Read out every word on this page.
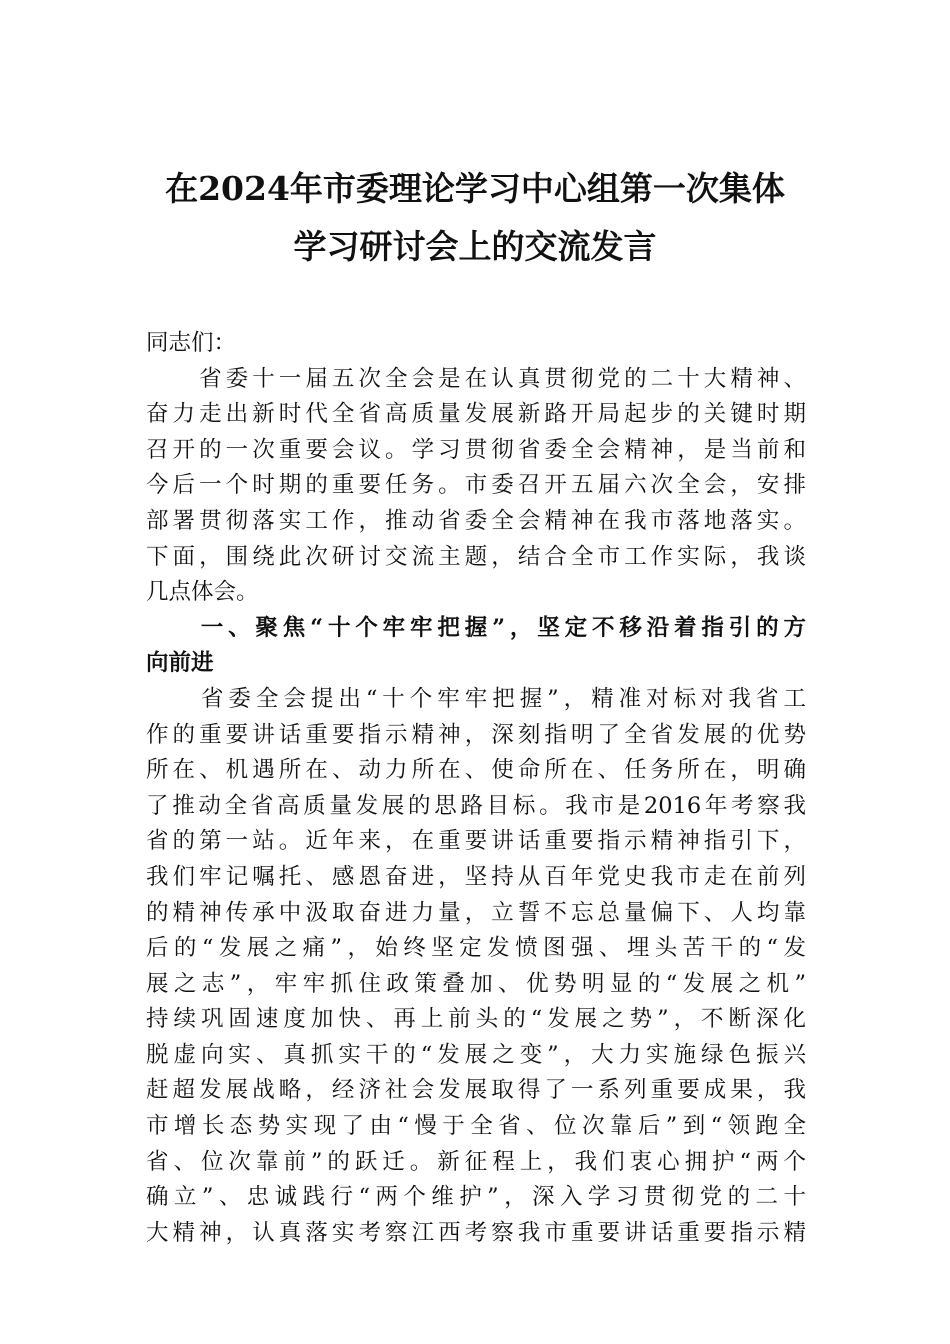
在2024年市委理论学习中心组第一次集体
学习研讨会上的交流发言
同志们：
　　省委十一届五次全会是在认真贯彻党的二十大精神、
奋力走出新时代全省高质量发展新路开局起步的关键时期
召开的一次重要会议。学习贯彻省委全会精神，是当前和
今后一个时期的重要任务。市委召开五届六次全会，安排
部署贯彻落实工作，推动省委全会精神在我市落地落实。
下面，围绕此次研讨交流主题，结合全市工作实际，我谈
几点体会。
　　一、聚焦“十个牢牢把握”，坚定不移沿着指引的方
向前进
　　省委全会提出“十个牢牢把握”，精准对标对我省工
作的重要讲话重要指示精神，深刻指明了全省发展的优势
所在、机遇所在、动力所在、使命所在、任务所在，明确
了推动全省高质量发展的思路目标。我市是2016年考察我
省的第一站。近年来，在重要讲话重要指示精神指引下，
我们牢记嘱托、感恩奋进，坚持从百年党史我市走在前列
的精神传承中汲取奋进力量，立誓不忘总量偏下、人均靠
后的“发展之痛”，始终坚定发愤图强、埋头苦干的“发
展之志”，牢牢抓住政策叠加、优势明显的“发展之机”
持续巩固速度加快、再上前头的“发展之势”，不断深化
脱虚向实、真抓实干的“发展之变”，大力实施绿色振兴
赶超发展战略，经济社会发展取得了一系列重要成果，我
市增长态势实现了由“慢于全省、位次靠后”到“领跑全
省、位次靠前”的跃迁。新征程上，我们衷心拥护“两个
确立”、忠诚践行“两个维护”，深入学习贯彻党的二十
大精神，认真落实考察江西考察我市重要讲话重要指示精
